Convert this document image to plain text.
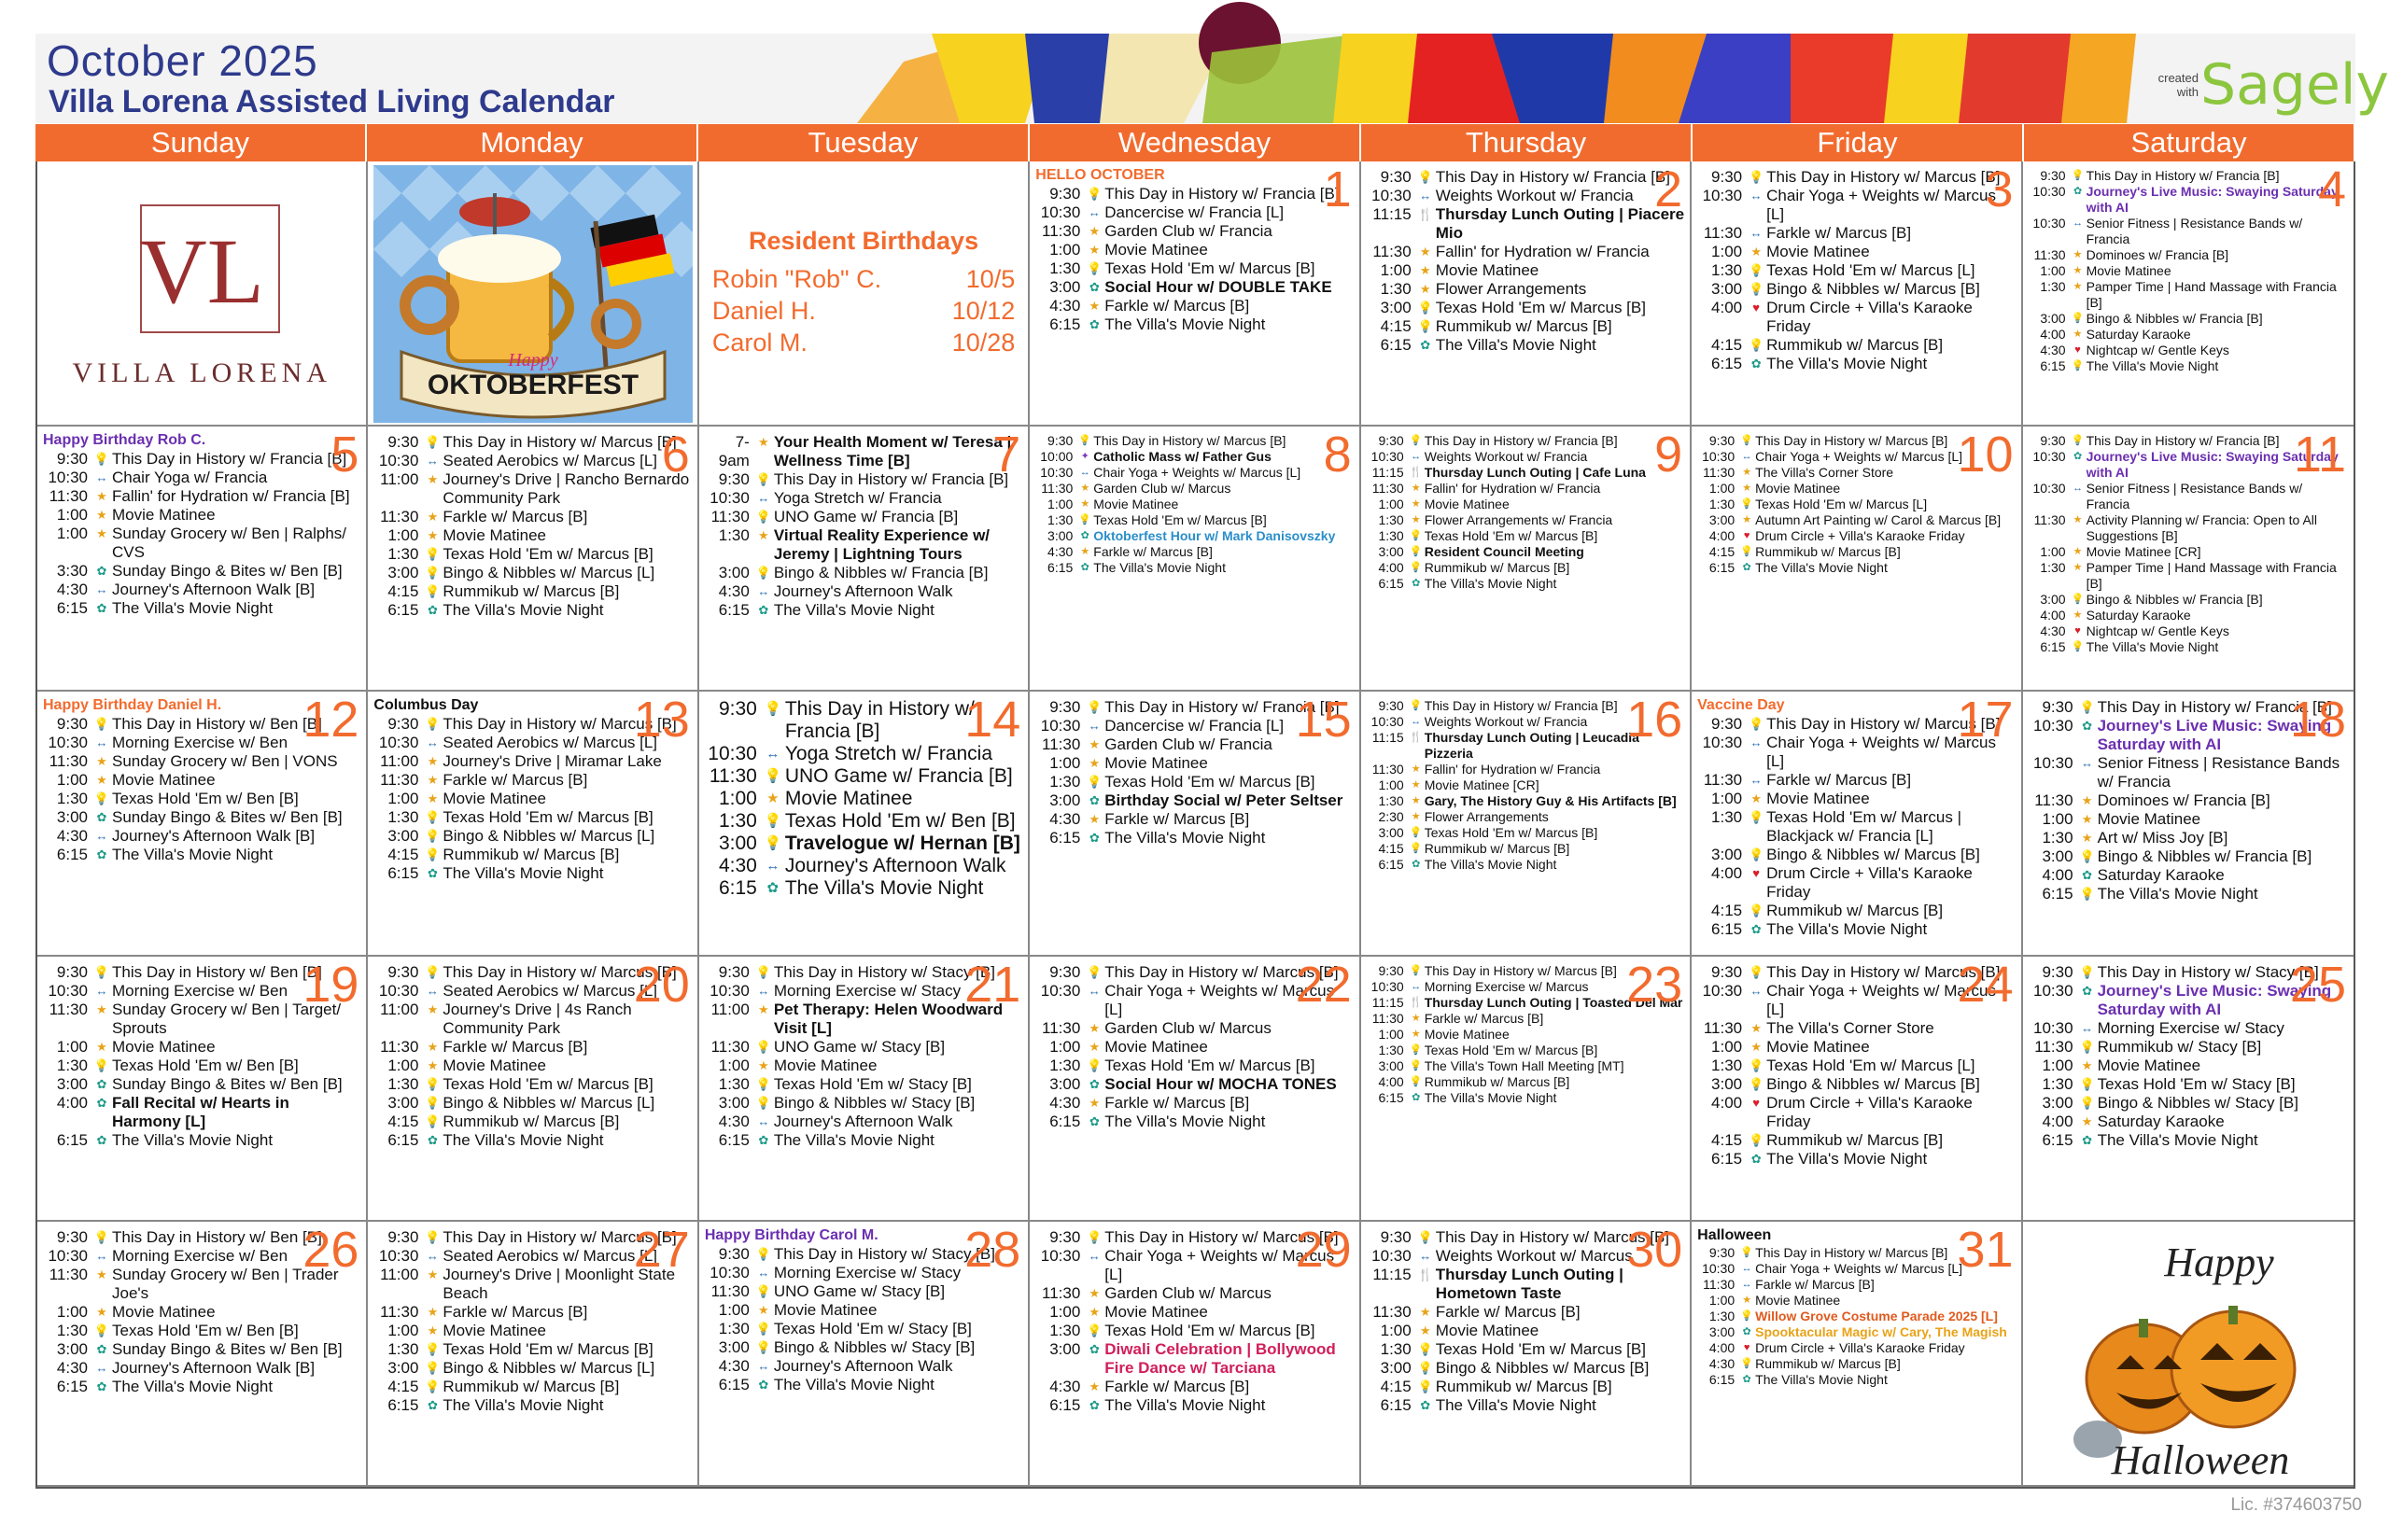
October 2025
Villa Lorena Assisted Living Calendar
created with Sagely
Sunday	Monday	Tuesday	Wednesday	Thursday	Friday	Saturday
VL
VILLA LORENA	Happy
OKTOBERFEST
Resident Birthdays
Robin "Rob" C.	10/5
Daniel H.	10/12
Carol M.	10/28
1
HELLO OCTOBER
9:30 💡 This Day in History w/ Francia [B]
10:30 ↔ Dancercise w/ Francia [L]
11:30 ★ Garden Club w/ Francia
1:00 ★ Movie Matinee
1:30 💡 Texas Hold 'Em w/ Marcus [B]
3:00 ✿ Social Hour w/ DOUBLE TAKE
4:30 ★ Farkle w/ Marcus [B]
6:15 ✿ The Villa's Movie Night
2
9:30 💡 This Day in History w/ Francia [B]
10:30 ↔ Weights Workout w/ Francia
11:15 🍴 Thursday Lunch Outing | Piacere Mio
11:30 ★ Fallin' for Hydration w/ Francia
1:00 ★ Movie Matinee
1:30 ★ Flower Arrangements
3:00 💡 Texas Hold 'Em w/ Marcus [B]
4:15 💡 Rummikub w/ Marcus [B]
6:15 ✿ The Villa's Movie Night
3
9:30 💡 This Day in History w/ Marcus [B]
10:30 ↔ Chair Yoga + Weights w/ Marcus [L]
11:30 ↔ Farkle w/ Marcus [B]
1:00 ★ Movie Matinee
1:30 💡 Texas Hold 'Em w/ Marcus [L]
3:00 💡 Bingo & Nibbles w/ Marcus [B]
4:00 ♥ Drum Circle + Villa's Karaoke Friday
4:15 💡 Rummikub w/ Marcus [B]
6:15 ✿ The Villa's Movie Night
4
9:30 💡 This Day in History w/ Francia [B]
10:30 ✿ Journey's Live Music: Swaying Saturday with AI
10:30 ↔ Senior Fitness | Resistance Bands w/ Francia
11:30 ★ Dominoes w/ Francia [B]
1:00 ★ Movie Matinee
1:30 ★ Pamper Time | Hand Massage with Francia [B]
3:00 💡 Bingo & Nibbles w/ Francia [B]
4:00 ★ Saturday Karaoke
4:30 ♥ Nightcap w/ Gentle Keys
6:15 💡 The Villa's Movie Night
5
Happy Birthday Rob C.
9:30 💡 This Day in History w/ Francia [B]
10:30 ↔ Chair Yoga w/ Francia
11:30 ★ Fallin' for Hydration w/ Francia [B]
1:00 ★ Movie Matinee
1:00 ★ Sunday Grocery w/ Ben | Ralphs/ CVS
3:30 ✿ Sunday Bingo & Bites w/ Ben [B]
4:30 ↔ Journey's Afternoon Walk [B]
6:15 ✿ The Villa's Movie Night
6
9:30 💡 This Day in History w/ Marcus [B]
10:30 ↔ Seated Aerobics w/ Marcus [L]
11:00 ★ Journey's Drive | Rancho Bernardo Community Park
11:30 ★ Farkle w/ Marcus [B]
1:00 ★ Movie Matinee
1:30 💡 Texas Hold 'Em w/ Marcus [B]
3:00 💡 Bingo & Nibbles w/ Marcus [L]
4:15 💡 Rummikub w/ Marcus [B]
6:15 ✿ The Villa's Movie Night
7
7-9am
★ Your Health Moment w/ Teresa | Wellness Time [B]
9:30 💡 This Day in History w/ Francia [B]
10:30 ↔ Yoga Stretch w/ Francia
11:30 💡 UNO Game w/ Francia [B]
1:30 ★ Virtual Reality Experience w/ Jeremy | Lightning Tours
3:00 💡 Bingo & Nibbles w/ Francia [B]
4:30 ↔ Journey's Afternoon Walk
6:15 ✿ The Villa's Movie Night
8
9:30 💡 This Day in History w/ Marcus [B]
10:00 ✦ Catholic Mass w/ Father Gus
10:30 ↔ Chair Yoga + Weights w/ Marcus [L]
11:30 ★ Garden Club w/ Marcus
1:00 ★ Movie Matinee
1:30 💡 Texas Hold 'Em w/ Marcus [B]
3:00 ✿ Oktoberfest Hour w/ Mark Danisovszky
4:30 ★ Farkle w/ Marcus [B]
6:15 ✿ The Villa's Movie Night
9
9:30 💡 This Day in History w/ Francia [B]
10:30 ↔ Weights Workout w/ Francia
11:15 🍴 Thursday Lunch Outing | Cafe Luna
11:30 ★ Fallin' for Hydration w/ Francia
1:00 ★ Movie Matinee
1:30 ★ Flower Arrangements w/ Francia
1:30 💡 Texas Hold 'Em w/ Marcus [B]
3:00 💡 Resident Council Meeting
4:00 💡 Rummikub w/ Marcus [B]
6:15 ✿ The Villa's Movie Night
10
9:30 💡 This Day in History w/ Marcus [B]
10:30 ↔ Chair Yoga + Weights w/ Marcus [L]
11:30 ★ The Villa's Corner Store
1:00 ★ Movie Matinee
1:30 💡 Texas Hold 'Em w/ Marcus [L]
3:00 ★ Autumn Art Painting w/ Carol & Marcus [B]
4:00 ♥ Drum Circle + Villa's Karaoke Friday
4:15 💡 Rummikub w/ Marcus [B]
6:15 ✿ The Villa's Movie Night
11
9:30 💡 This Day in History w/ Francia [B]
10:30 ✿ Journey's Live Music: Swaying Saturday with AI
10:30 ↔ Senior Fitness | Resistance Bands w/ Francia
11:30 ★ Activity Planning w/ Francia: Open to All Suggestions [B]
1:00 ★ Movie Matinee [CR]
1:30 ★ Pamper Time | Hand Massage with Francia [B]
3:00 💡 Bingo & Nibbles w/ Francia [B]
4:00 ★ Saturday Karaoke
4:30 ♥ Nightcap w/ Gentle Keys
6:15 💡 The Villa's Movie Night
12
Happy Birthday Daniel H.
9:30 💡 This Day in History w/ Ben [B]
10:30 ↔ Morning Exercise w/ Ben
11:30 ★ Sunday Grocery w/ Ben | VONS
1:00 ★ Movie Matinee
1:30 💡 Texas Hold 'Em w/ Ben [B]
3:00 ✿ Sunday Bingo & Bites w/ Ben [B]
4:30 ↔ Journey's Afternoon Walk [B]
6:15 ✿ The Villa's Movie Night
13
Columbus Day
9:30 💡 This Day in History w/ Marcus [B]
10:30 ↔ Seated Aerobics w/ Marcus [L]
11:00 ★ Journey's Drive | Miramar Lake
11:30 ★ Farkle w/ Marcus [B]
1:00 ★ Movie Matinee
1:30 💡 Texas Hold 'Em w/ Marcus [B]
3:00 💡 Bingo & Nibbles w/ Marcus [L]
4:15 💡 Rummikub w/ Marcus [B]
6:15 ✿ The Villa's Movie Night
14
9:30 💡 This Day in History w/ Francia [B]
10:30 ↔ Yoga Stretch w/ Francia
11:30 💡 UNO Game w/ Francia [B]
1:00 ★ Movie Matinee
1:30 💡 Texas Hold 'Em w/ Ben [B]
3:00 💡 Travelogue w/ Hernan [B]
4:30 ↔ Journey's Afternoon Walk
6:15 ✿ The Villa's Movie Night
15
9:30 💡 This Day in History w/ Francia [B]
10:30 ↔ Dancercise w/ Francia [L]
11:30 ★ Garden Club w/ Francia
1:00 ★ Movie Matinee
1:30 💡 Texas Hold 'Em w/ Marcus [B]
3:00 ✿ Birthday Social w/ Peter Seltser
4:30 ★ Farkle w/ Marcus [B]
6:15 ✿ The Villa's Movie Night
16
9:30 💡 This Day in History w/ Francia [B]
10:30 ↔ Weights Workout w/ Francia
11:15 🍴 Thursday Lunch Outing | Leucadia Pizzeria
11:30 ★ Fallin' for Hydration w/ Francia
1:00 ★ Movie Matinee [CR]
1:30 ★ Gary, The History Guy & His Artifacts [B]
2:30 ★ Flower Arrangements
3:00 💡 Texas Hold 'Em w/ Marcus [B]
4:15 💡 Rummikub w/ Marcus [B]
6:15 ✿ The Villa's Movie Night
17
Vaccine Day
9:30 💡 This Day in History w/ Marcus [B]
10:30 ↔ Chair Yoga + Weights w/ Marcus [L]
11:30 ↔ Farkle w/ Marcus [B]
1:00 ★ Movie Matinee
1:30 💡 Texas Hold 'Em w/ Marcus | Blackjack w/ Francia [L]
3:00 💡 Bingo & Nibbles w/ Marcus [B]
4:00 ♥ Drum Circle + Villa's Karaoke Friday
4:15 💡 Rummikub w/ Marcus [B]
6:15 ✿ The Villa's Movie Night
18
9:30 💡 This Day in History w/ Francia [B]
10:30 ✿ Journey's Live Music: Swaying Saturday with AI
10:30 ↔ Senior Fitness | Resistance Bands w/ Francia
11:30 ★ Dominoes w/ Francia [B]
1:00 ★ Movie Matinee
1:30 ★ Art w/ Miss Joy [B]
3:00 💡 Bingo & Nibbles w/ Francia [B]
4:00 ✿ Saturday Karaoke
6:15 💡 The Villa's Movie Night
19
9:30 💡 This Day in History w/ Ben [B]
10:30 ↔ Morning Exercise w/ Ben
11:30 ★ Sunday Grocery w/ Ben | Target/ Sprouts
1:00 ★ Movie Matinee
1:30 💡 Texas Hold 'Em w/ Ben [B]
3:00 ✿ Sunday Bingo & Bites w/ Ben [B]
4:00 ✿ Fall Recital w/ Hearts in Harmony [L]
6:15 ✿ The Villa's Movie Night
20
9:30 💡 This Day in History w/ Marcus [B]
10:30 ↔ Seated Aerobics w/ Marcus [L]
11:00 ★ Journey's Drive | 4s Ranch Community Park
11:30 ★ Farkle w/ Marcus [B]
1:00 ★ Movie Matinee
1:30 💡 Texas Hold 'Em w/ Marcus [B]
3:00 💡 Bingo & Nibbles w/ Marcus [L]
4:15 💡 Rummikub w/ Marcus [B]
6:15 ✿ The Villa's Movie Night
21
9:30 💡 This Day in History w/ Stacy [B]
10:30 ↔ Morning Exercise w/ Stacy
11:00 ★ Pet Therapy: Helen Woodward Visit [L]
11:30 💡 UNO Game w/ Stacy [B]
1:00 ★ Movie Matinee
1:30 💡 Texas Hold 'Em w/ Stacy [B]
3:00 💡 Bingo & Nibbles w/ Stacy [B]
4:30 ↔ Journey's Afternoon Walk
6:15 ✿ The Villa's Movie Night
22
9:30 💡 This Day in History w/ Marcus [B]
10:30 ↔ Chair Yoga + Weights w/ Marcus [L]
11:30 ★ Garden Club w/ Marcus
1:00 ★ Movie Matinee
1:30 💡 Texas Hold 'Em w/ Marcus [B]
3:00 ✿ Social Hour w/ MOCHA TONES
4:30 ★ Farkle w/ Marcus [B]
6:15 ✿ The Villa's Movie Night
23
9:30 💡 This Day in History w/ Marcus [B]
10:30 ↔ Morning Exercise w/ Marcus
11:15 🍴 Thursday Lunch Outing | Toasted Del Mar
11:30 ★ Farkle w/ Marcus [B]
1:00 ★ Movie Matinee
1:30 💡 Texas Hold 'Em w/ Marcus [B]
3:00 💡 The Villa's Town Hall Meeting [MT]
4:00 💡 Rummikub w/ Marcus [B]
6:15 ✿ The Villa's Movie Night
24
9:30 💡 This Day in History w/ Marcus [B]
10:30 ↔ Chair Yoga + Weights w/ Marcus [L]
11:30 ★ The Villa's Corner Store
1:00 ★ Movie Matinee
1:30 💡 Texas Hold 'Em w/ Marcus [L]
3:00 💡 Bingo & Nibbles w/ Marcus [B]
4:00 ♥ Drum Circle + Villa's Karaoke Friday
4:15 💡 Rummikub w/ Marcus [B]
6:15 ✿ The Villa's Movie Night
25
9:30 💡 This Day in History w/ Stacy [B]
10:30 ✿ Journey's Live Music: Swaying Saturday with AI
10:30 ↔ Morning Exercise w/ Stacy
11:30 💡 Rummikub w/ Stacy [B]
1:00 ★ Movie Matinee
1:30 💡 Texas Hold 'Em w/ Stacy [B]
3:00 💡 Bingo & Nibbles w/ Stacy [B]
4:00 ★ Saturday Karaoke
6:15 ✿ The Villa's Movie Night
26
9:30 💡 This Day in History w/ Ben [B]
10:30 ↔ Morning Exercise w/ Ben
11:30 ★ Sunday Grocery w/ Ben | Trader Joe's
1:00 ★ Movie Matinee
1:30 💡 Texas Hold 'Em w/ Ben [B]
3:00 ✿ Sunday Bingo & Bites w/ Ben [B]
4:30 ↔ Journey's Afternoon Walk [B]
6:15 ✿ The Villa's Movie Night
27
9:30 💡 This Day in History w/ Marcus [B]
10:30 ↔ Seated Aerobics w/ Marcus [L]
11:00 ★ Journey's Drive | Moonlight State Beach
11:30 ★ Farkle w/ Marcus [B]
1:00 ★ Movie Matinee
1:30 💡 Texas Hold 'Em w/ Marcus [B]
3:00 💡 Bingo & Nibbles w/ Marcus [L]
4:15 💡 Rummikub w/ Marcus [B]
6:15 ✿ The Villa's Movie Night
28
Happy Birthday Carol M.
9:30 💡 This Day in History w/ Stacy [B]
10:30 ↔ Morning Exercise w/ Stacy
11:30 💡 UNO Game w/ Stacy [B]
1:00 ★ Movie Matinee
1:30 💡 Texas Hold 'Em w/ Stacy [B]
3:00 💡 Bingo & Nibbles w/ Stacy [B]
4:30 ↔ Journey's Afternoon Walk
6:15 ✿ The Villa's Movie Night
29
9:30 💡 This Day in History w/ Marcus [B]
10:30 ↔ Chair Yoga + Weights w/ Marcus [L]
11:30 ★ Garden Club w/ Marcus
1:00 ★ Movie Matinee
1:30 💡 Texas Hold 'Em w/ Marcus [B]
3:00 ✿ Diwali Celebration | Bollywood Fire Dance w/ Tarciana
4:30 ★ Farkle w/ Marcus [B]
6:15 ✿ The Villa's Movie Night
30
9:30 💡 This Day in History w/ Marcus [B]
10:30 ↔ Weights Workout w/ Marcus
11:15 🍴 Thursday Lunch Outing | Hometown Taste
11:30 ★ Farkle w/ Marcus [B]
1:00 ★ Movie Matinee
1:30 💡 Texas Hold 'Em w/ Marcus [B]
3:00 💡 Bingo & Nibbles w/ Marcus [B]
4:15 💡 Rummikub w/ Marcus [B]
6:15 ✿ The Villa's Movie Night
31
Halloween
9:30 💡 This Day in History w/ Marcus [B]
10:30 ↔ Chair Yoga + Weights w/ Marcus [L]
11:30 ↔ Farkle w/ Marcus [B]
1:00 ★ Movie Matinee
1:30 💡 Willow Grove Costume Parade 2025 [L]
3:00 ✿ Spooktacular Magic w/ Cary, The Magish
4:00 ♥ Drum Circle + Villa's Karaoke Friday
4:30 💡 Rummikub w/ Marcus [B]
6:15 ✿ The Villa's Movie Night
Happy
Halloween
Lic. #374603750
